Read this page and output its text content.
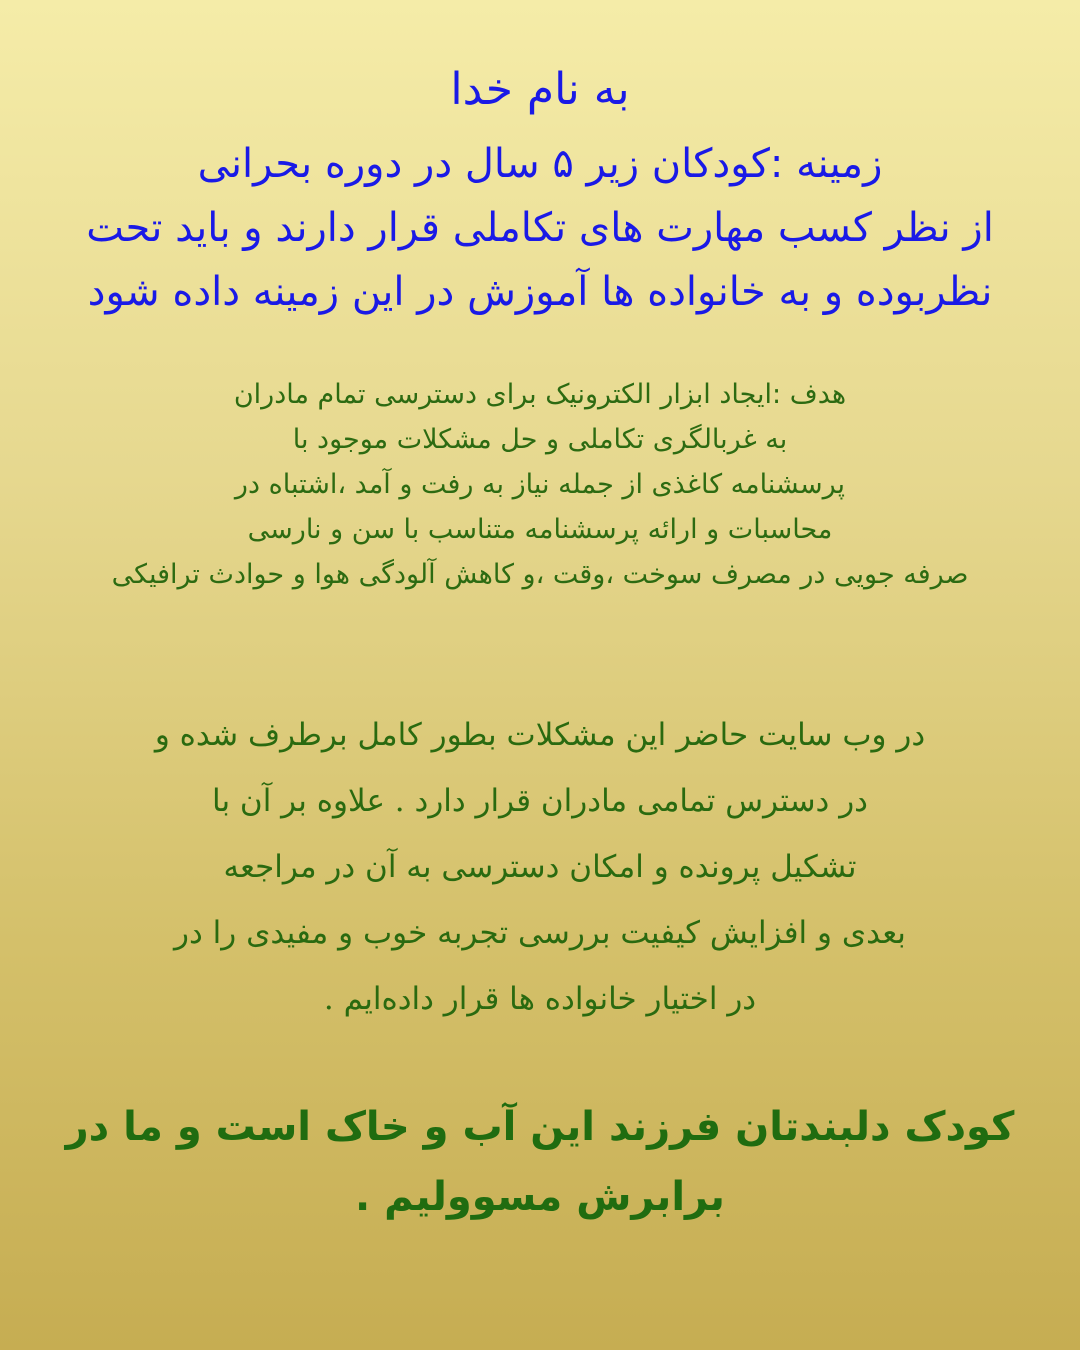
به نام خدا
زمینه :کودکان زیر ۵ سال در دوره بحرانی
از نظر کسب مهارت های تکاملی قرار دارند و باید تحت
نظربوده و به خانواده ها آموزش در این زمینه داده شود
هدف :ایجاد ابزار الکترونیک برای دسترسی تمام مادران
به غربالگری تکاملی و حل مشکلات موجود با
پرسشنامه کاغذی از جمله نیاز به رفت و آمد ،اشتباه در
محاسبات و ارائه پرسشنامه متناسب با سن و نارسی
صرفه جویی در مصرف سوخت ،وقت ،و کاهش آلودگی هوا و حوادث ترافیکی
در وب سایت حاضر این مشکلات بطور کامل برطرف شده و
در دسترس تمامی مادران قرار دارد . علاوه بر آن با
تشکیل پرونده و امکان دسترسی به آن در مراجعه
بعدی و افزایش کیفیت بررسی تجربه خوب و مفیدی را در
در اختیار خانواده ها قرار داده‌ایم .
کودک دلبندتان فرزند این آب و خاک است و ما در
برابرش مسوولیم .
